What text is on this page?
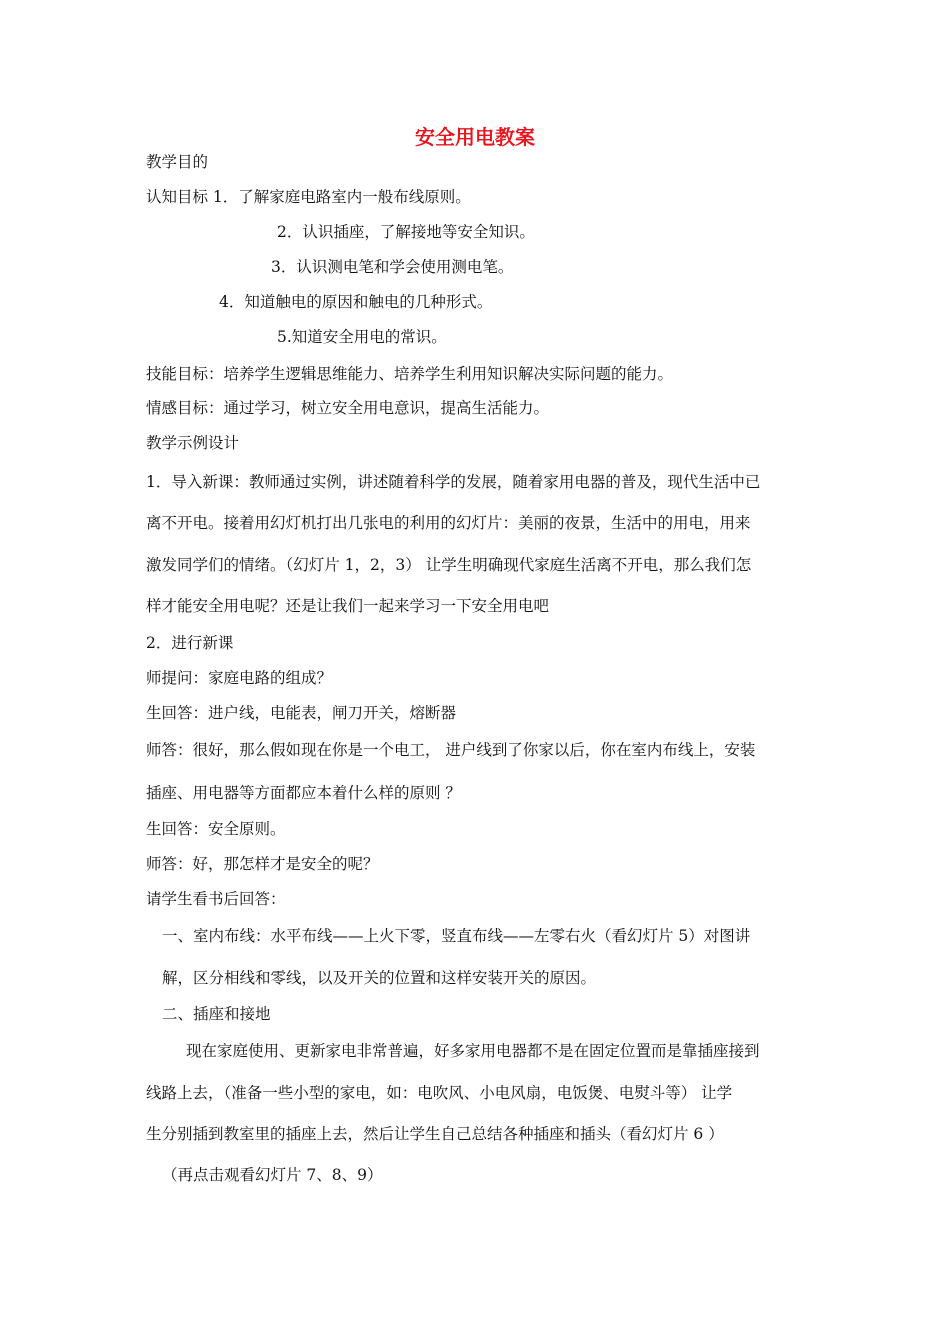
安全用电教案
教学目的
认知目标 1．了解家庭电路室内一般布线原则。
2．认识插座，了解接地等安全知识。
3．认识测电笔和学会使用测电笔。
4．知道触电的原因和触电的几种形式。
5.知道安全用电的常识。
技能目标：培养学生逻辑思维能力、培养学生利用知识解决实际问题的能力。
情感目标：通过学习，树立安全用电意识，提高生活能力。
教学示例设计
1．导入新课：教师通过实例，讲述随着科学的发展，随着家用电器的普及，现代生活中已
离不开电。接着用幻灯机打出几张电的利用的幻灯片：美丽的夜景，生活中的用电，用来
激发同学们的情绪。（幻灯片 1，2，3） 让学生明确现代家庭生活离不开电，那么我们怎
样才能安全用电呢？还是让我们一起来学习一下安全用电吧
2．进行新课
师提问：家庭电路的组成？
生回答：进户线，电能表，闸刀开关，熔断器
师答：很好，那么假如现在你是一个电工， 进户线到了你家以后，你在室内布线上，安装
插座、用电器等方面都应本着什么样的原则 ？
生回答：安全原则。
师答：好，那怎样才是安全的呢？
请学生看书后回答：
一、室内布线：水平布线——上火下零，竖直布线——左零右火（看幻灯片 5）对图讲
解，区分相线和零线，以及开关的位置和这样安装开关的原因。
二、插座和接地
现在家庭使用、更新家电非常普遍，好多家用电器都不是在固定位置而是靠插座接到
线路上去，（准备一些小型的家电，如：电吹风、小电风扇，电饭煲、电熨斗等） 让学
生分别插到教室里的插座上去，然后让学生自己总结各种插座和插头（看幻灯片 6 ）
（再点击观看幻灯片 7、8、9）
